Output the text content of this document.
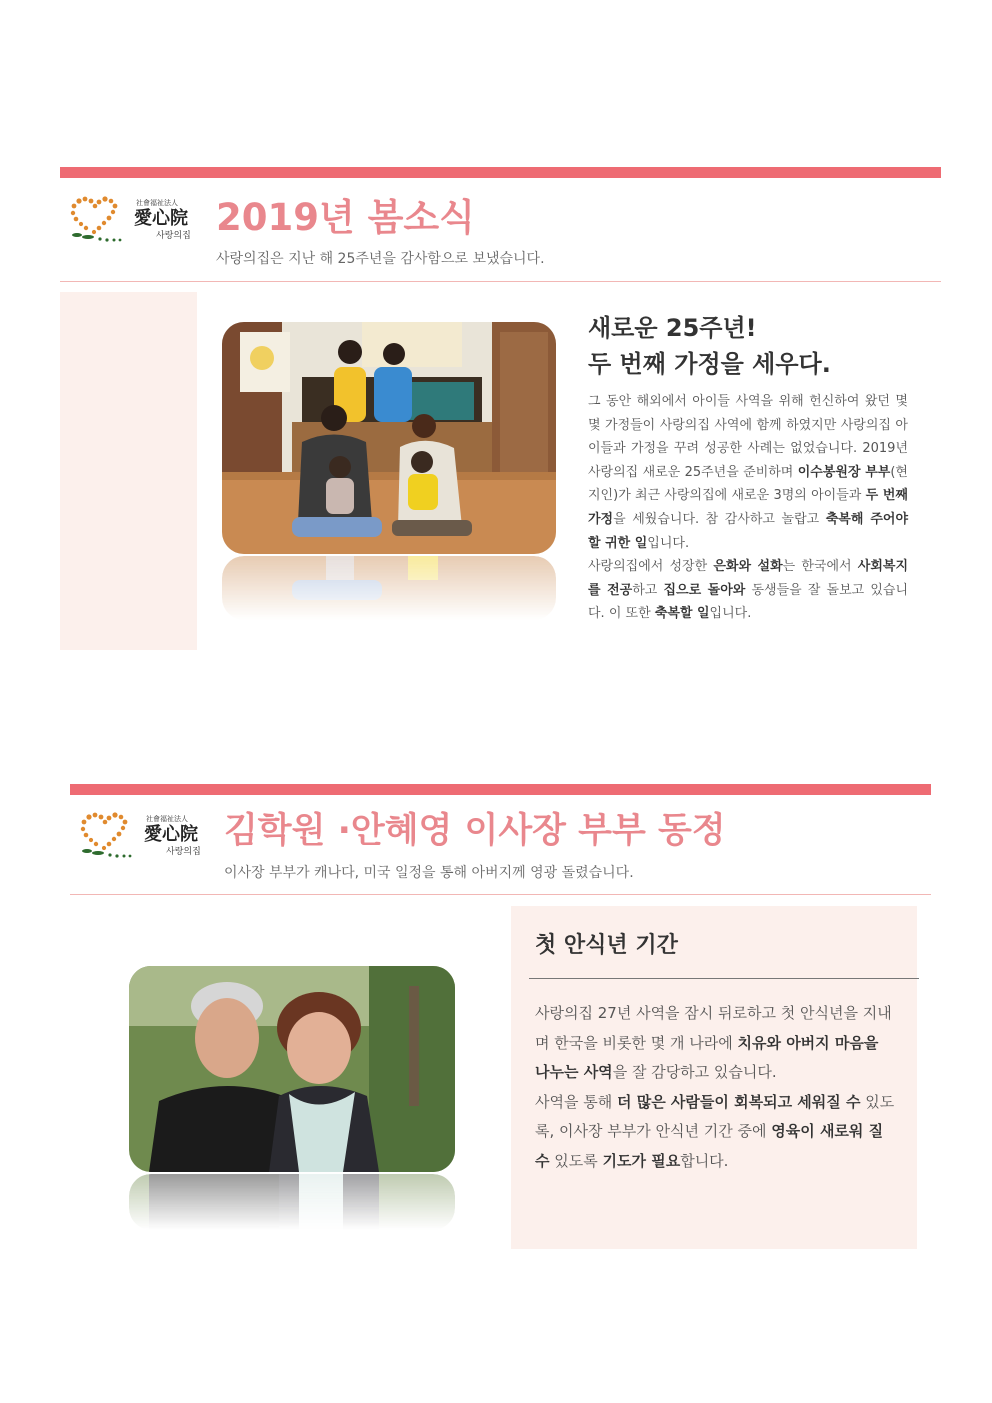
社會福祉法人
愛心院
사랑의집 2019년 봄소식
사랑의집은 지난 해 25주년을 감사함으로 보냈습니다.
새로운 25주년!
두 번째 가정을 세우다.

그 동안 해외에서 아이들 사역을 위해 헌신하여 왔던 몇 몇 가정들이 사랑의집 사역에 함께 하였지만 사랑의집 아이들과 가정을 꾸려 성공한 사례는 없었습니다. 2019년 사랑의집 새로운 25주년을 준비하며 이수봉원장 부부(현지인)가 최근 사랑의집에 새로운 3명의 아이들과 두 번째 가정을 세웠습니다. 참 감사하고 놀랍고 축복해 주어야 할 귀한 일입니다.

사랑의집에서 성장한 은화와 설화는 한국에서 사회복지를 전공하고 집으로 돌아와 동생들을 잘 돌보고 있습니다. 이 또한 축복할 일입니다.

社會福祉法人
愛心院
사랑의집
김학원 ·안혜영 이사장 부부 동정
이사장 부부가 캐나다, 미국 일정을 통해 아버지께 영광 돌렸습니다.
첫 안식년 기간

사랑의집 27년 사역을 잠시 뒤로하고 첫 안식년을 지내며 한국을 비롯한 몇 개 나라에 치유와 아버지 마음을 나누는 사역을 잘 감당하고 있습니다.

사역을 통해 더 많은 사람들이 회복되고 세워질 수 있도록, 이사장 부부가 안식년 기간 중에 영육이 새로워 질 수 있도록 기도가 필요합니다.
